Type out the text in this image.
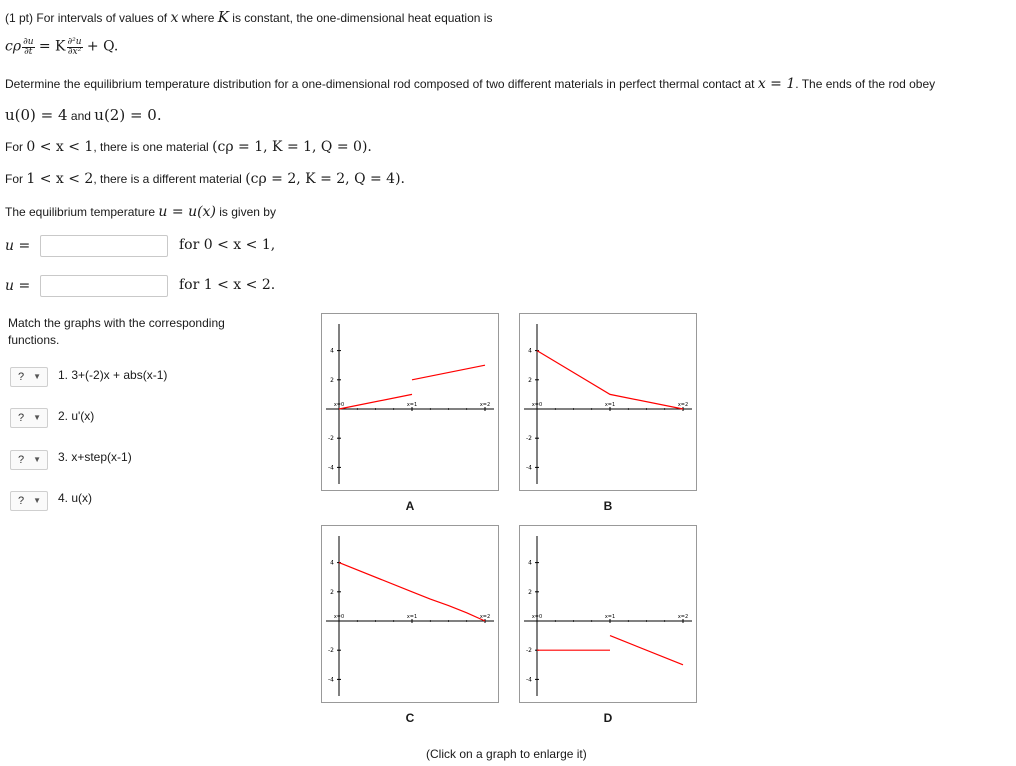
(1 pt) For intervals of values of x where K is constant, the one-dimensional heat equation is
cρ $\frac{\partial u}{\partial t} = K \frac{\text{∂²u}}{\text{∂x²}} + Q$.
Determine the equilibrium temperature distribution for a one-dimensional rod composed of two different materials in perfect thermal contact at x = 1. The ends of the rod obey
u(0) = 4 and u(2) = 0.
For 0 < x < 1, there is one material (cρ = 1, K = 1, Q = 0).
For 1 < x < 2, there is a different material (cρ = 2, K = 2, Q = 4).
The equilibrium temperature u = u(x) is given by
u =	for 0 < x < 1,
u =	for 1 < x < 2.
Match the graphs with the corresponding
functions.
? ▼ 1. 3+(-2)x + abs(x-1)
? ▼ 2. u'(x)
? ▼ 3. x+step(x-1)
? ▼ 4. u(x)
4
2
-2
-4
x=0	x=1	x=2
4
2
-2
-4
x=0	x=1	x=2
4
2
-2
-4
x=0	x=1	x=2
4
2
-2
-4
x=0	x=1	x=2
A	B
C	D
(Click on a graph to enlarge it)
